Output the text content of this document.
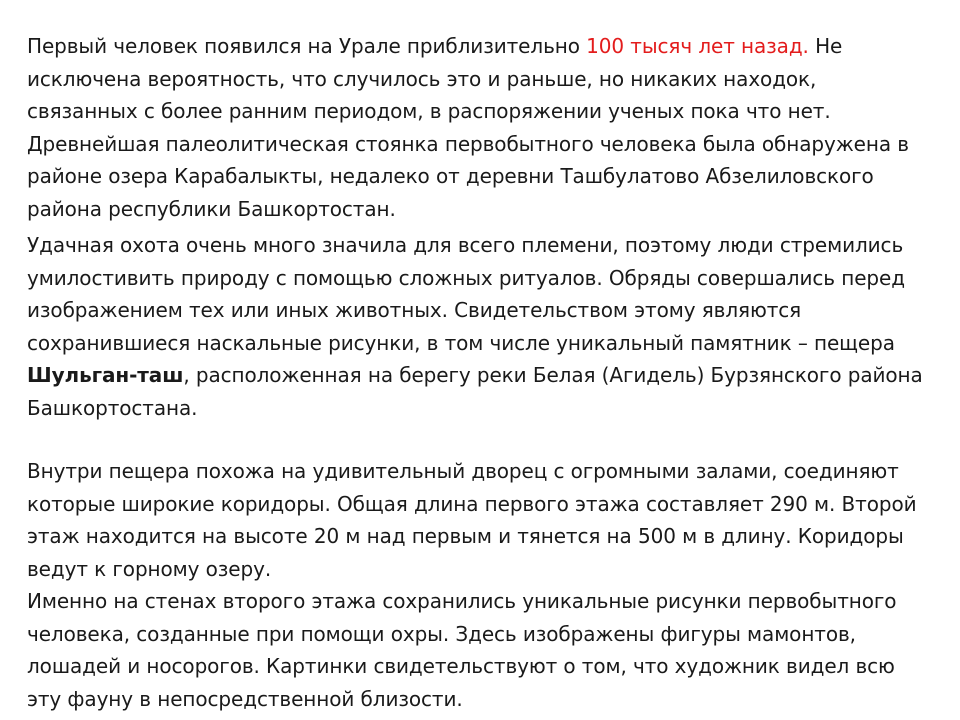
Первый человек появился на Урале приблизительно 100 тысяч лет назад. Не исключена вероятность, что случилось это и раньше, но никаких находок, связанных с более ранним периодом, в распоряжении ученых пока что нет. Древнейшая палеолитическая стоянка первобытного человека была обнаружена в районе озера Карабалыкты, недалеко от деревни Ташбулатово Абзелиловского района республики Башкортостан.

Удачная охота очень много значила для всего племени, поэтому люди стремились умилостивить природу с помощью сложных ритуалов. Обряды совершались перед изображением тех или иных животных. Свидетельством этому являются сохранившиеся наскальные рисунки, в том числе уникальный памятник – пещера Шульган-таш, расположенная на берегу реки Белая (Агидель) Бурзянского района Башкортостана.

Внутри пещера похожа на удивительный дворец с огромными залами, соединяют которые широкие коридоры. Общая длина первого этажа составляет 290 м. Второй этаж находится на высоте 20 м над первым и тянется на 500 м в длину. Коридоры ведут к горному озеру.

Именно на стенах второго этажа сохранились уникальные рисунки первобытного человека, созданные при помощи охры. Здесь изображены фигуры мамонтов, лошадей и носорогов. Картинки свидетельствуют о том, что художник видел всю эту фауну в непосредственной близости.
